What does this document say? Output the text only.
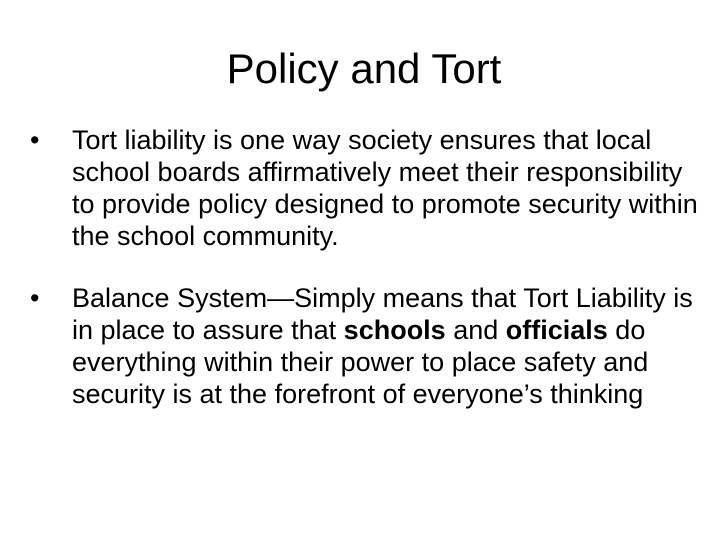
Policy and Tort
•	Tort liability is one way society ensures that local school boards affirmatively meet their responsibility to provide policy designed to promote security within the school community.
•	Balance System—Simply means that Tort Liability is in place to assure that schools and officials do everything within their power to place safety and security is at the forefront of everyone’s thinking
